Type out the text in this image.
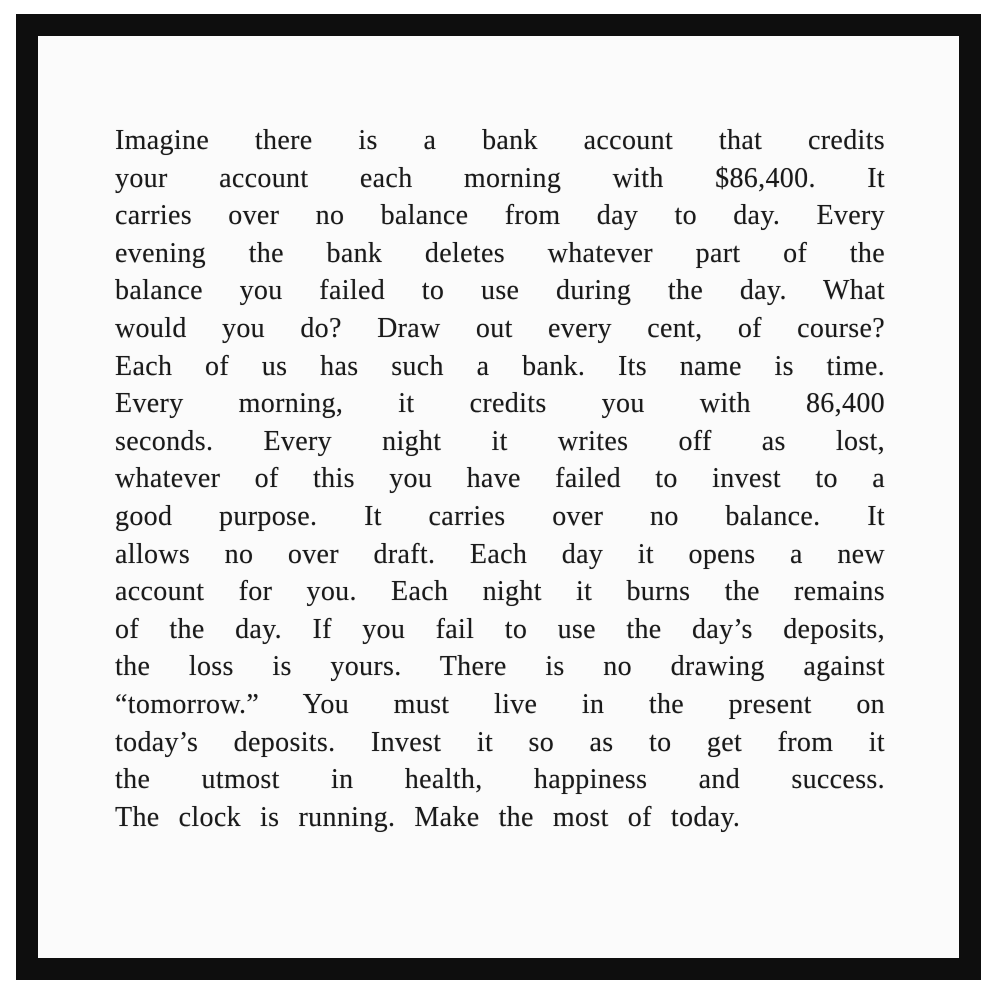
Imagine there is a bank account that credits
your account each morning with $86,400. It
carries over no balance from day to day. Every
evening the bank deletes whatever part of the
balance you failed to use during the day. What
would you do? Draw out every cent, of course?
Each of us has such a bank. Its name is time.
Every morning, it credits you with 86,400
seconds. Every night it writes off as lost,
whatever of this you have failed to invest to a
good purpose. It carries over no balance. It
allows no over draft. Each day it opens a new
account for you. Each night it burns the remains
of the day. If you fail to use the day’s deposits,
the loss is yours. There is no drawing against
“tomorrow.” You must live in the present on
today’s deposits. Invest it so as to get from it
the utmost in health, happiness and success.
The clock is running. Make the most of today.
